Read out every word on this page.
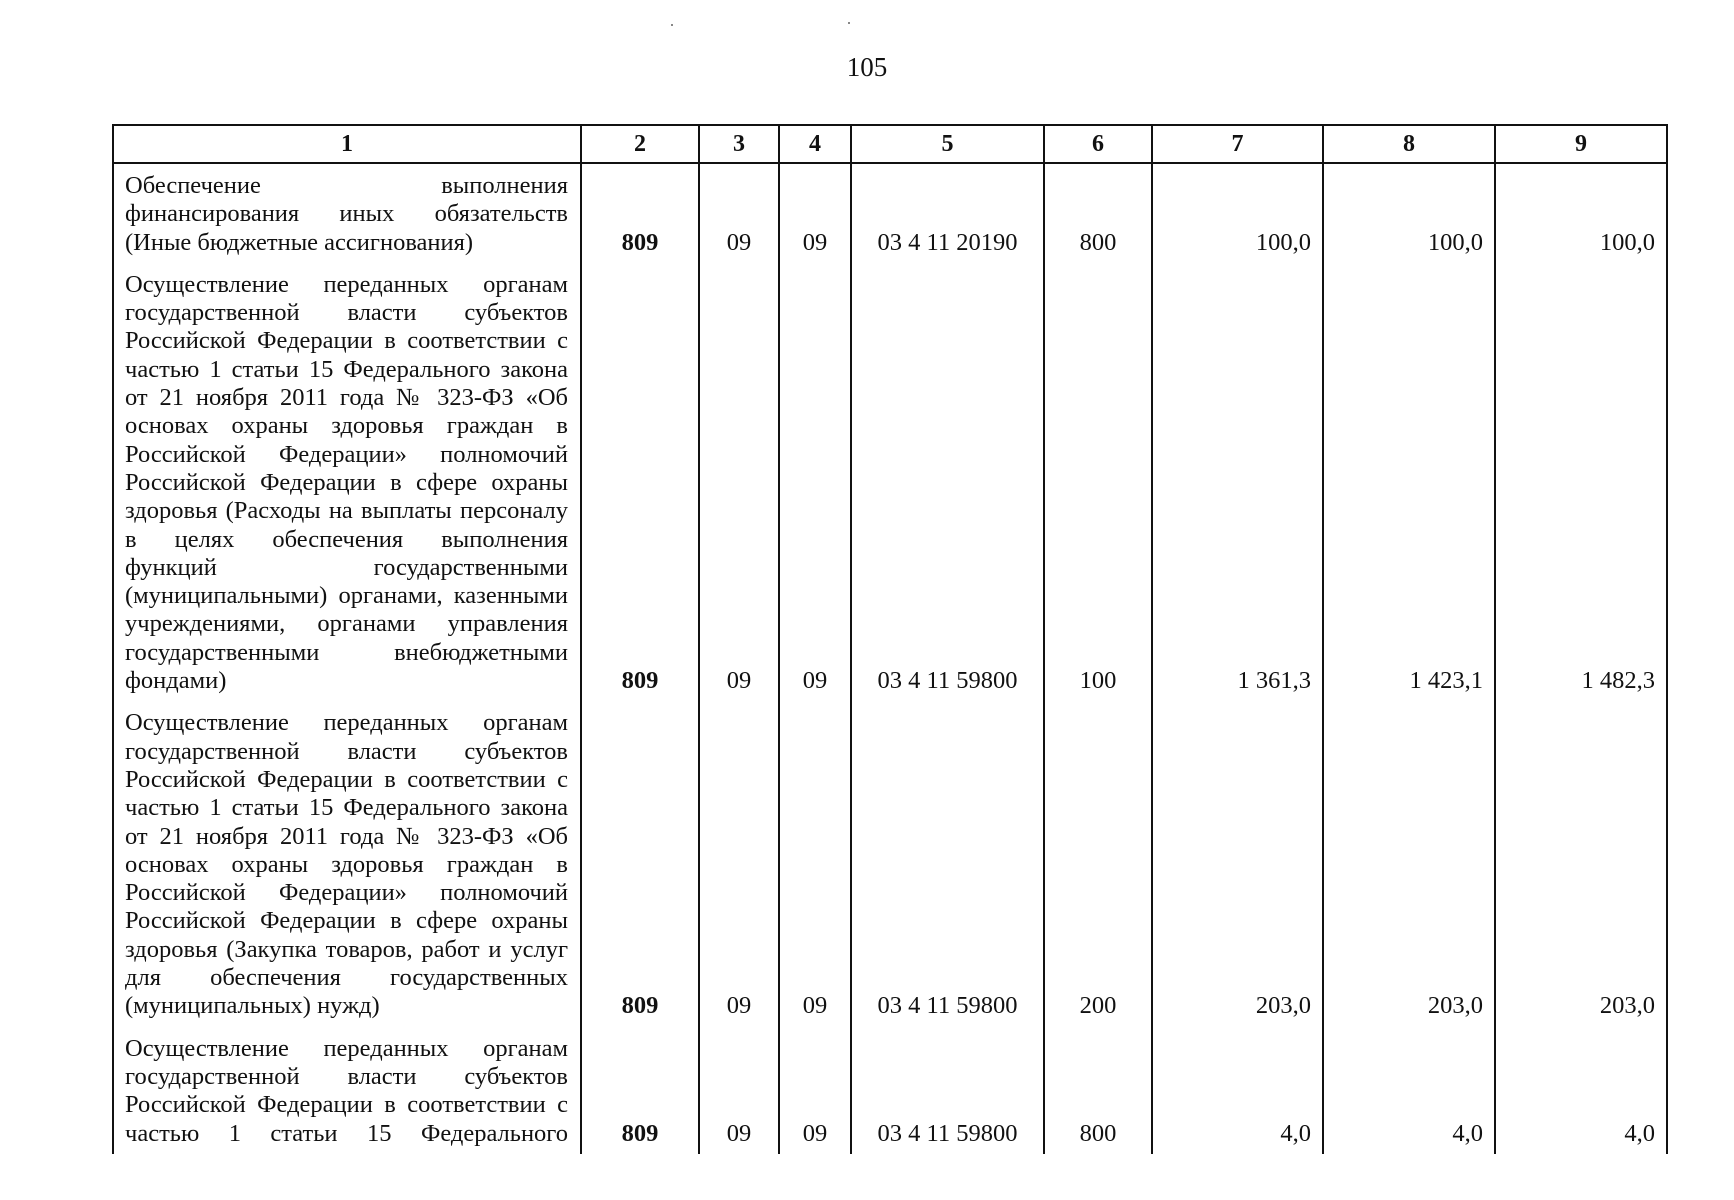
105
1	2	3	4	5	6	7	8	9
Обеспечение выполнения финансирования иных обязательств (Иные бюджетные ассигнования)	809	09	09	03 4 11 20190	800	100,0	100,0	100,0
Осуществление переданных органам государственной власти субъектов Российской Федерации в соответствии с частью 1 статьи 15 Федерального закона от 21 ноября 2011 года № 323-ФЗ «Об основах охраны здоровья граждан в Российской Федерации» полномочий Российской Федерации в сфере охраны здоровья (Расходы на выплаты персоналу в целях обеспечения выполнения функций государственными (муниципальными) органами, казенными учреждениями, органами управления государственными внебюджетными фондами)	809	09	09	03 4 11 59800	100	1 361,3	1 423,1	1 482,3
Осуществление переданных органам государственной власти субъектов Российской Федерации в соответствии с частью 1 статьи 15 Федерального закона от 21 ноября 2011 года № 323-ФЗ «Об основах охраны здоровья граждан в Российской Федерации» полномочий Российской Федерации в сфере охраны здоровья (Закупка товаров, работ и услуг для обеспечения государственных (муниципальных) нужд)	809	09	09	03 4 11 59800	200	203,0	203,0	203,0
Осуществление переданных органам государственной власти субъектов Российской Федерации в соответствии с частью 1 статьи 15 Федерального	809	09	09	03 4 11 59800	800	4,0	4,0	4,0
